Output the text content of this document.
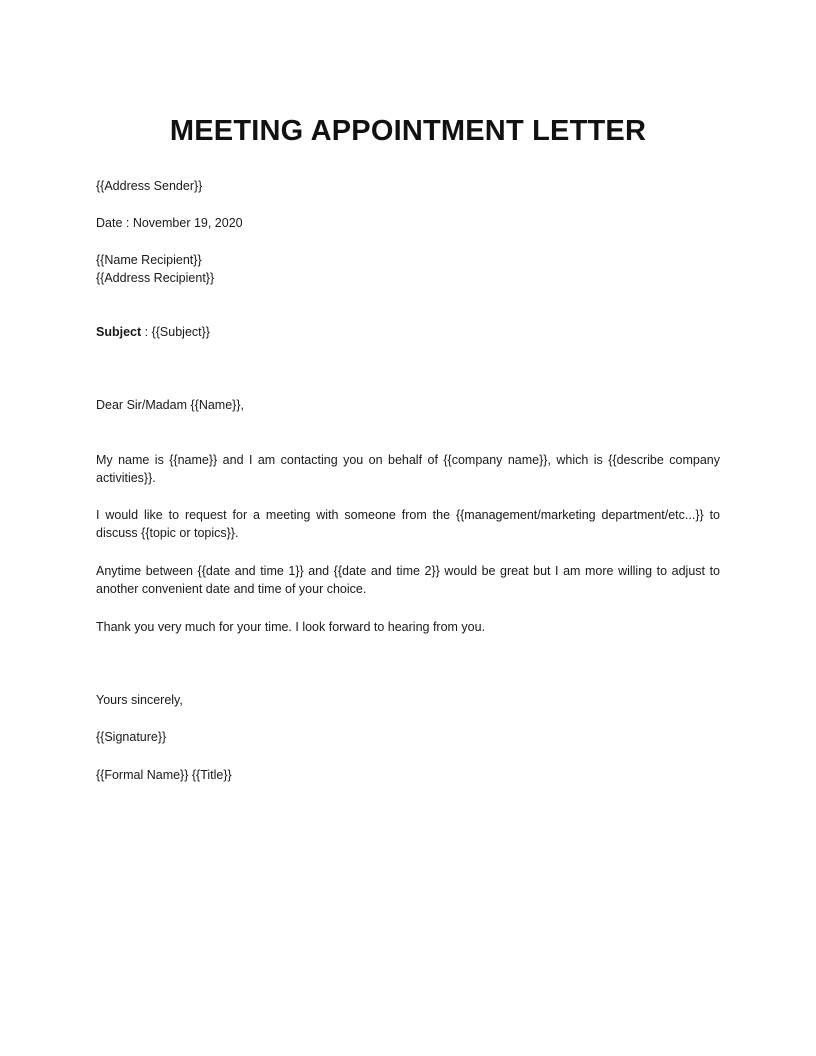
MEETING APPOINTMENT LETTER
{{Address Sender}}
Date : November 19, 2020
{{Name Recipient}}
{{Address Recipient}}
Subject : {{Subject}}
Dear Sir/Madam {{Name}},

My name is {{name}} and I am contacting you on behalf of {{company name}}, which is {{describe company activities}}.

I would like to request for a meeting with someone from the {{management/marketing department/etc...}} to discuss {{topic or topics}}.

Anytime between {{date and time 1}} and {{date and time 2}} would be great but I am more willing to adjust to another convenient date and time of your choice.

Thank you very much for your time. I look forward to hearing from you.

Yours sincerely,
{{Signature}}
{{Formal Name}} {{Title}}
